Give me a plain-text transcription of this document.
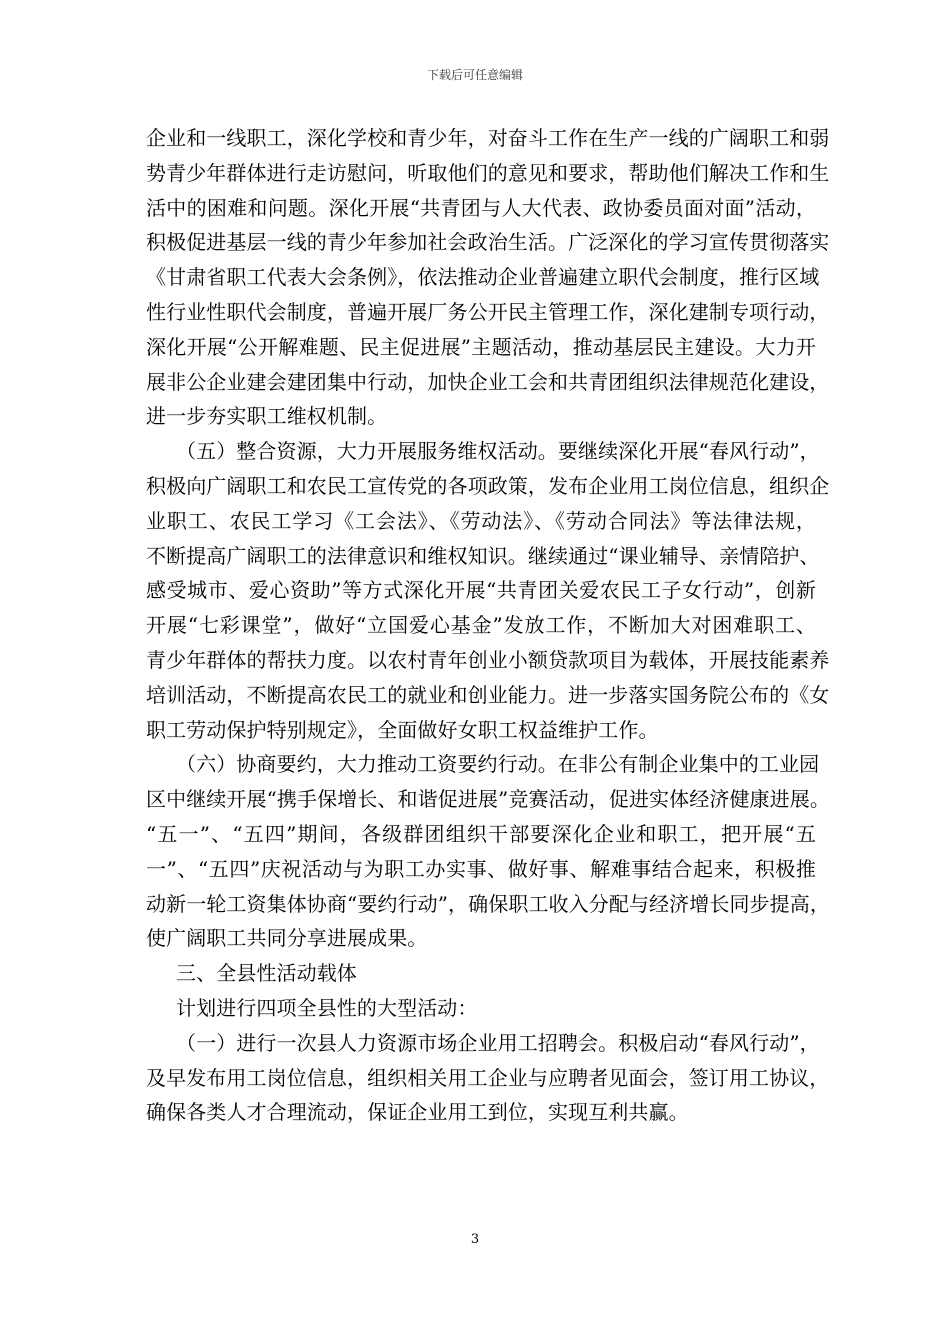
下载后可任意编辑
企业和一线职工，深化学校和青少年，对奋斗工作在生产一线的广阔职工和弱
势青少年群体进行走访慰问，听取他们的意见和要求，帮助他们解决工作和生
活中的困难和问题。深化开展“共青团与人大代表、政协委员面对面”活动，
积极促进基层一线的青少年参加社会政治生活。广泛深化的学习宣传贯彻落实
《甘肃省职工代表大会条例》，依法推动企业普遍建立职代会制度，推行区域
性行业性职代会制度，普遍开展厂务公开民主管理工作，深化建制专项行动，
深化开展“公开解难题、民主促进展”主题活动，推动基层民主建设。大力开
展非公企业建会建团集中行动，加快企业工会和共青团组织法律规范化建设，
进一步夯实职工维权机制。
（五）整合资源，大力开展服务维权活动。要继续深化开展“春风行动”，
积极向广阔职工和农民工宣传党的各项政策，发布企业用工岗位信息，组织企
业职工、农民工学习《工会法》、《劳动法》、《劳动合同法》等法律法规，
不断提高广阔职工的法律意识和维权知识。继续通过“课业辅导、亲情陪护、
感受城市、爱心资助”等方式深化开展“共青团关爱农民工子女行动”，创新
开展“七彩课堂”，做好“立国爱心基金”发放工作，不断加大对困难职工、
青少年群体的帮扶力度。以农村青年创业小额贷款项目为载体，开展技能素养
培训活动，不断提高农民工的就业和创业能力。进一步落实国务院公布的《女
职工劳动保护特别规定》，全面做好女职工权益维护工作。
（六）协商要约，大力推动工资要约行动。在非公有制企业集中的工业园
区中继续开展“携手保增长、和谐促进展”竞赛活动，促进实体经济健康进展。
“五一”、“五四”期间，各级群团组织干部要深化企业和职工，把开展“五
一”、“五四”庆祝活动与为职工办实事、做好事、解难事结合起来，积极推
动新一轮工资集体协商“要约行动”，确保职工收入分配与经济增长同步提高，
使广阔职工共同分享进展成果。
三、全县性活动载体
计划进行四项全县性的大型活动：
（一）进行一次县人力资源市场企业用工招聘会。积极启动“春风行动”，
及早发布用工岗位信息，组织相关用工企业与应聘者见面会，签订用工协议，
确保各类人才合理流动，保证企业用工到位，实现互利共赢。
3
